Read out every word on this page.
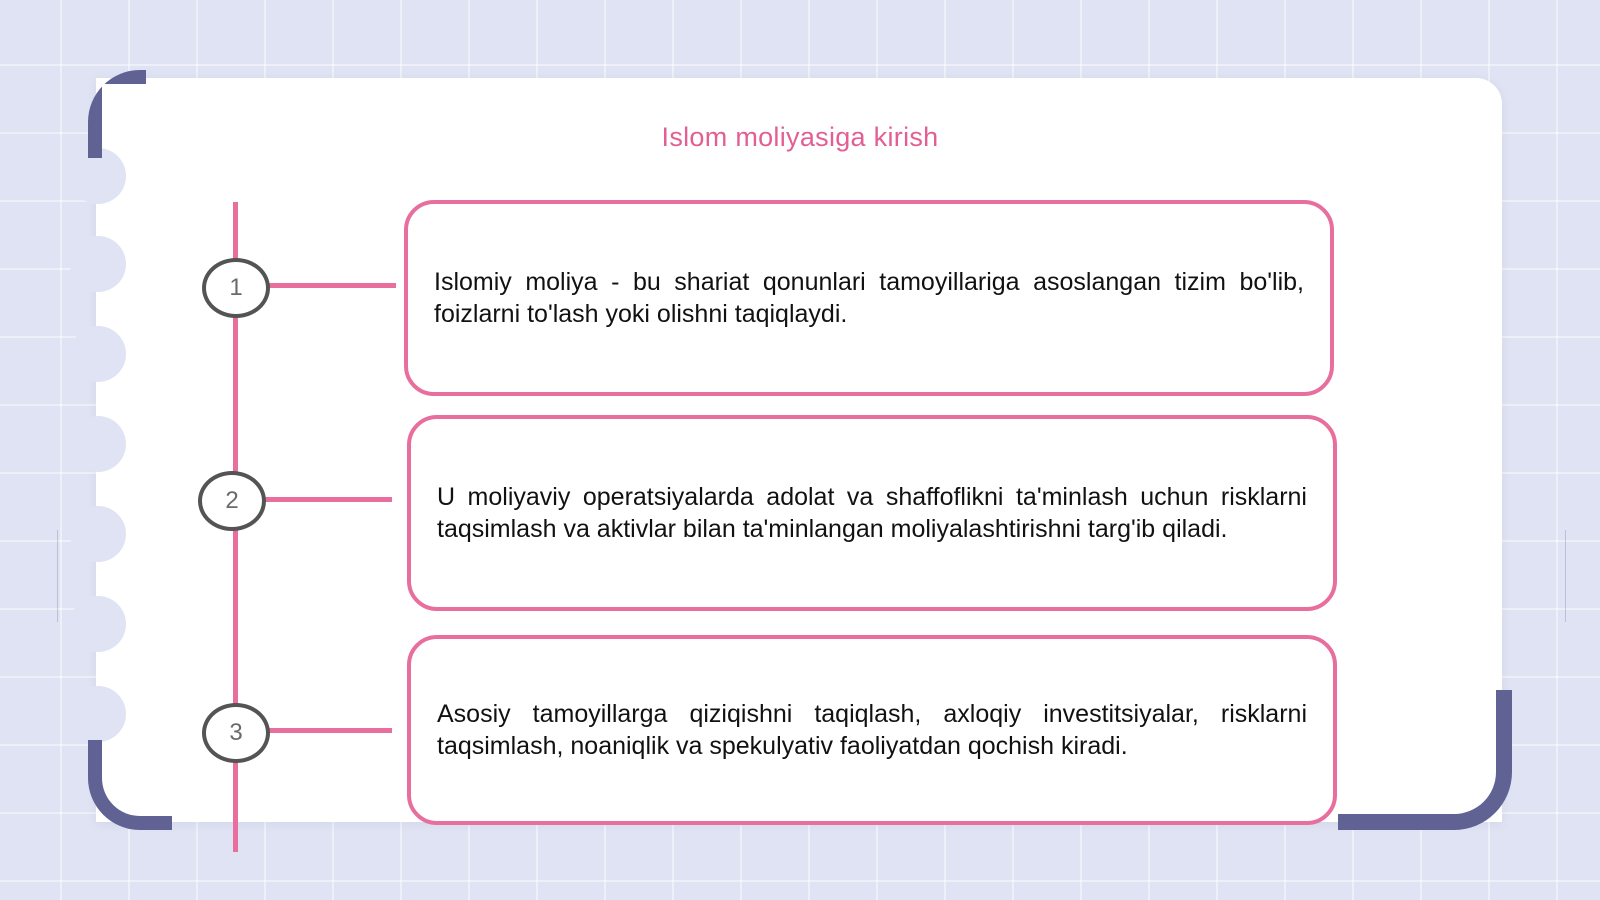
Islom moliyasiga kirish
1	Islomiy moliya - bu shariat qonunlari tamoyillariga asoslangan tizim bo'lib, foizlarni to'lash yoki olishni taqiqlaydi.

2	U moliyaviy operatsiyalarda adolat va shaffoflikni ta'minlash uchun risklarni taqsimlash va aktivlar bilan ta'minlangan moliyalashtirishni targ'ib qiladi.

3

Asosiy tamoyillarga qiziqishni taqiqlash, axloqiy investitsiyalar, risklarni taqsimlash, noaniqlik va spekulyativ faoliyatdan qochish kiradi.
